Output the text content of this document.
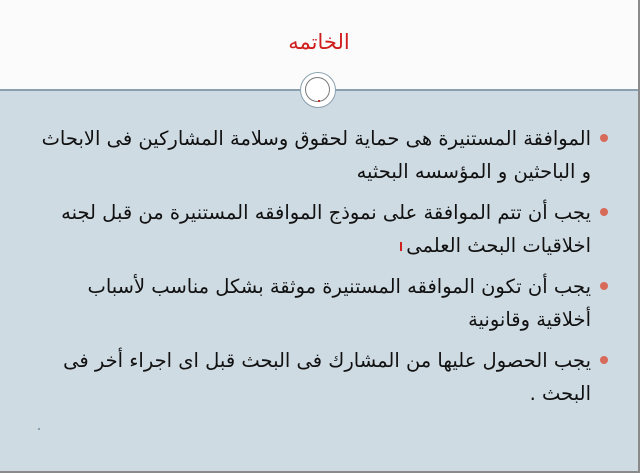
الخاتمه
الموافقة المستنيرة هى حماية لحقوق وسلامة المشاركين فى الابحاث و الباحثين و المؤسسه البحثيه
يجب أن تتم الموافقة على نموذج الموافقه المستنيرة من قبل لجنه اخلاقيات البحث العلمى
يجب أن تكون الموافقه المستنيرة موثقة بشكل مناسب لأسباب أخلاقية وقانونية
يجب الحصول عليها من المشارك فى البحث قبل اى اجراء أخر فى البحث .
